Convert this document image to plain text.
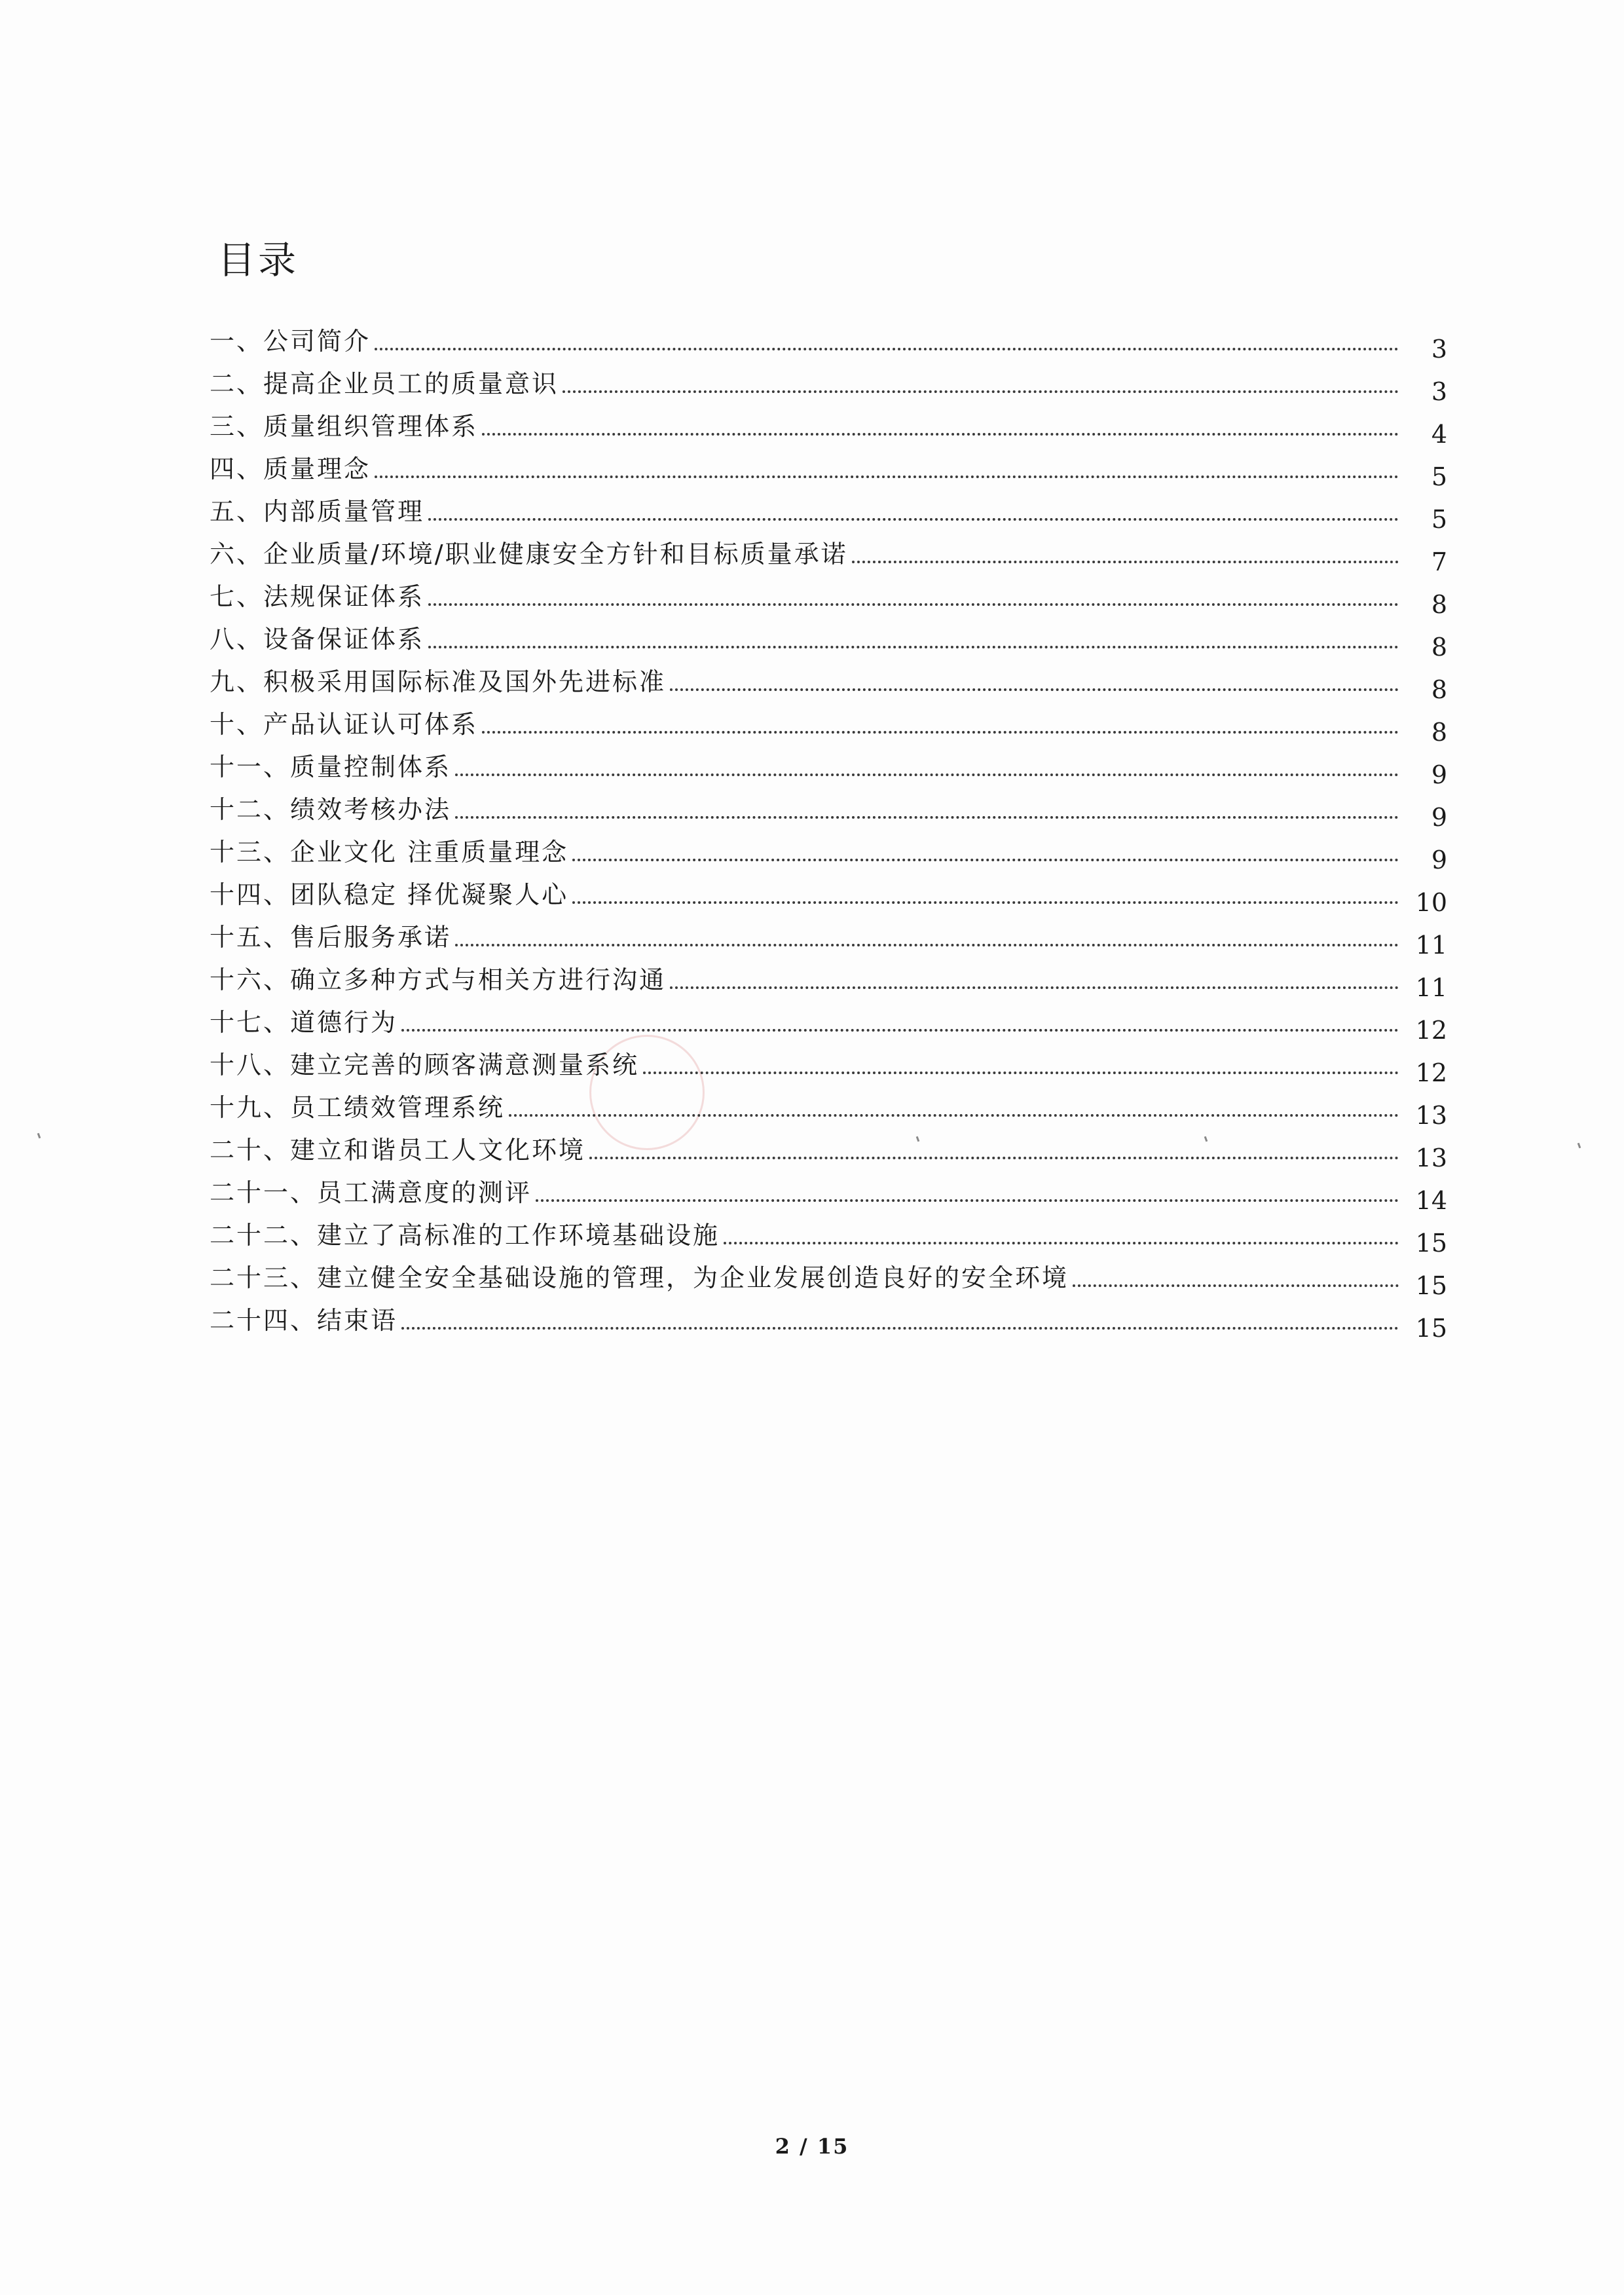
目录
一、公司简介	3
二、提高企业员工的质量意识	3
三、质量组织管理体系	4
四、质量理念	5
五、内部质量管理	5
六、企业质量/环境/职业健康安全方针和目标质量承诺	7
七、法规保证体系	8
八、设备保证体系	8
九、积极采用国际标准及国外先进标准	8
十、产品认证认可体系	8
十一、质量控制体系	9
十二、绩效考核办法	9
十三、企业文化 注重质量理念	9
十四、团队稳定 择优凝聚人心	10
十五、售后服务承诺	11
十六、确立多种方式与相关方进行沟通	11
十七、道德行为	12
十八、建立完善的顾客满意测量系统	12
十九、员工绩效管理系统	13
二十、建立和谐员工人文化环境	13
二十一、员工满意度的测评	14
二十二、建立了高标准的工作环境基础设施	15
二十三、建立健全安全基础设施的管理，为企业发展创造良好的安全环境	15
二十四、结束语	15
2 / 15
